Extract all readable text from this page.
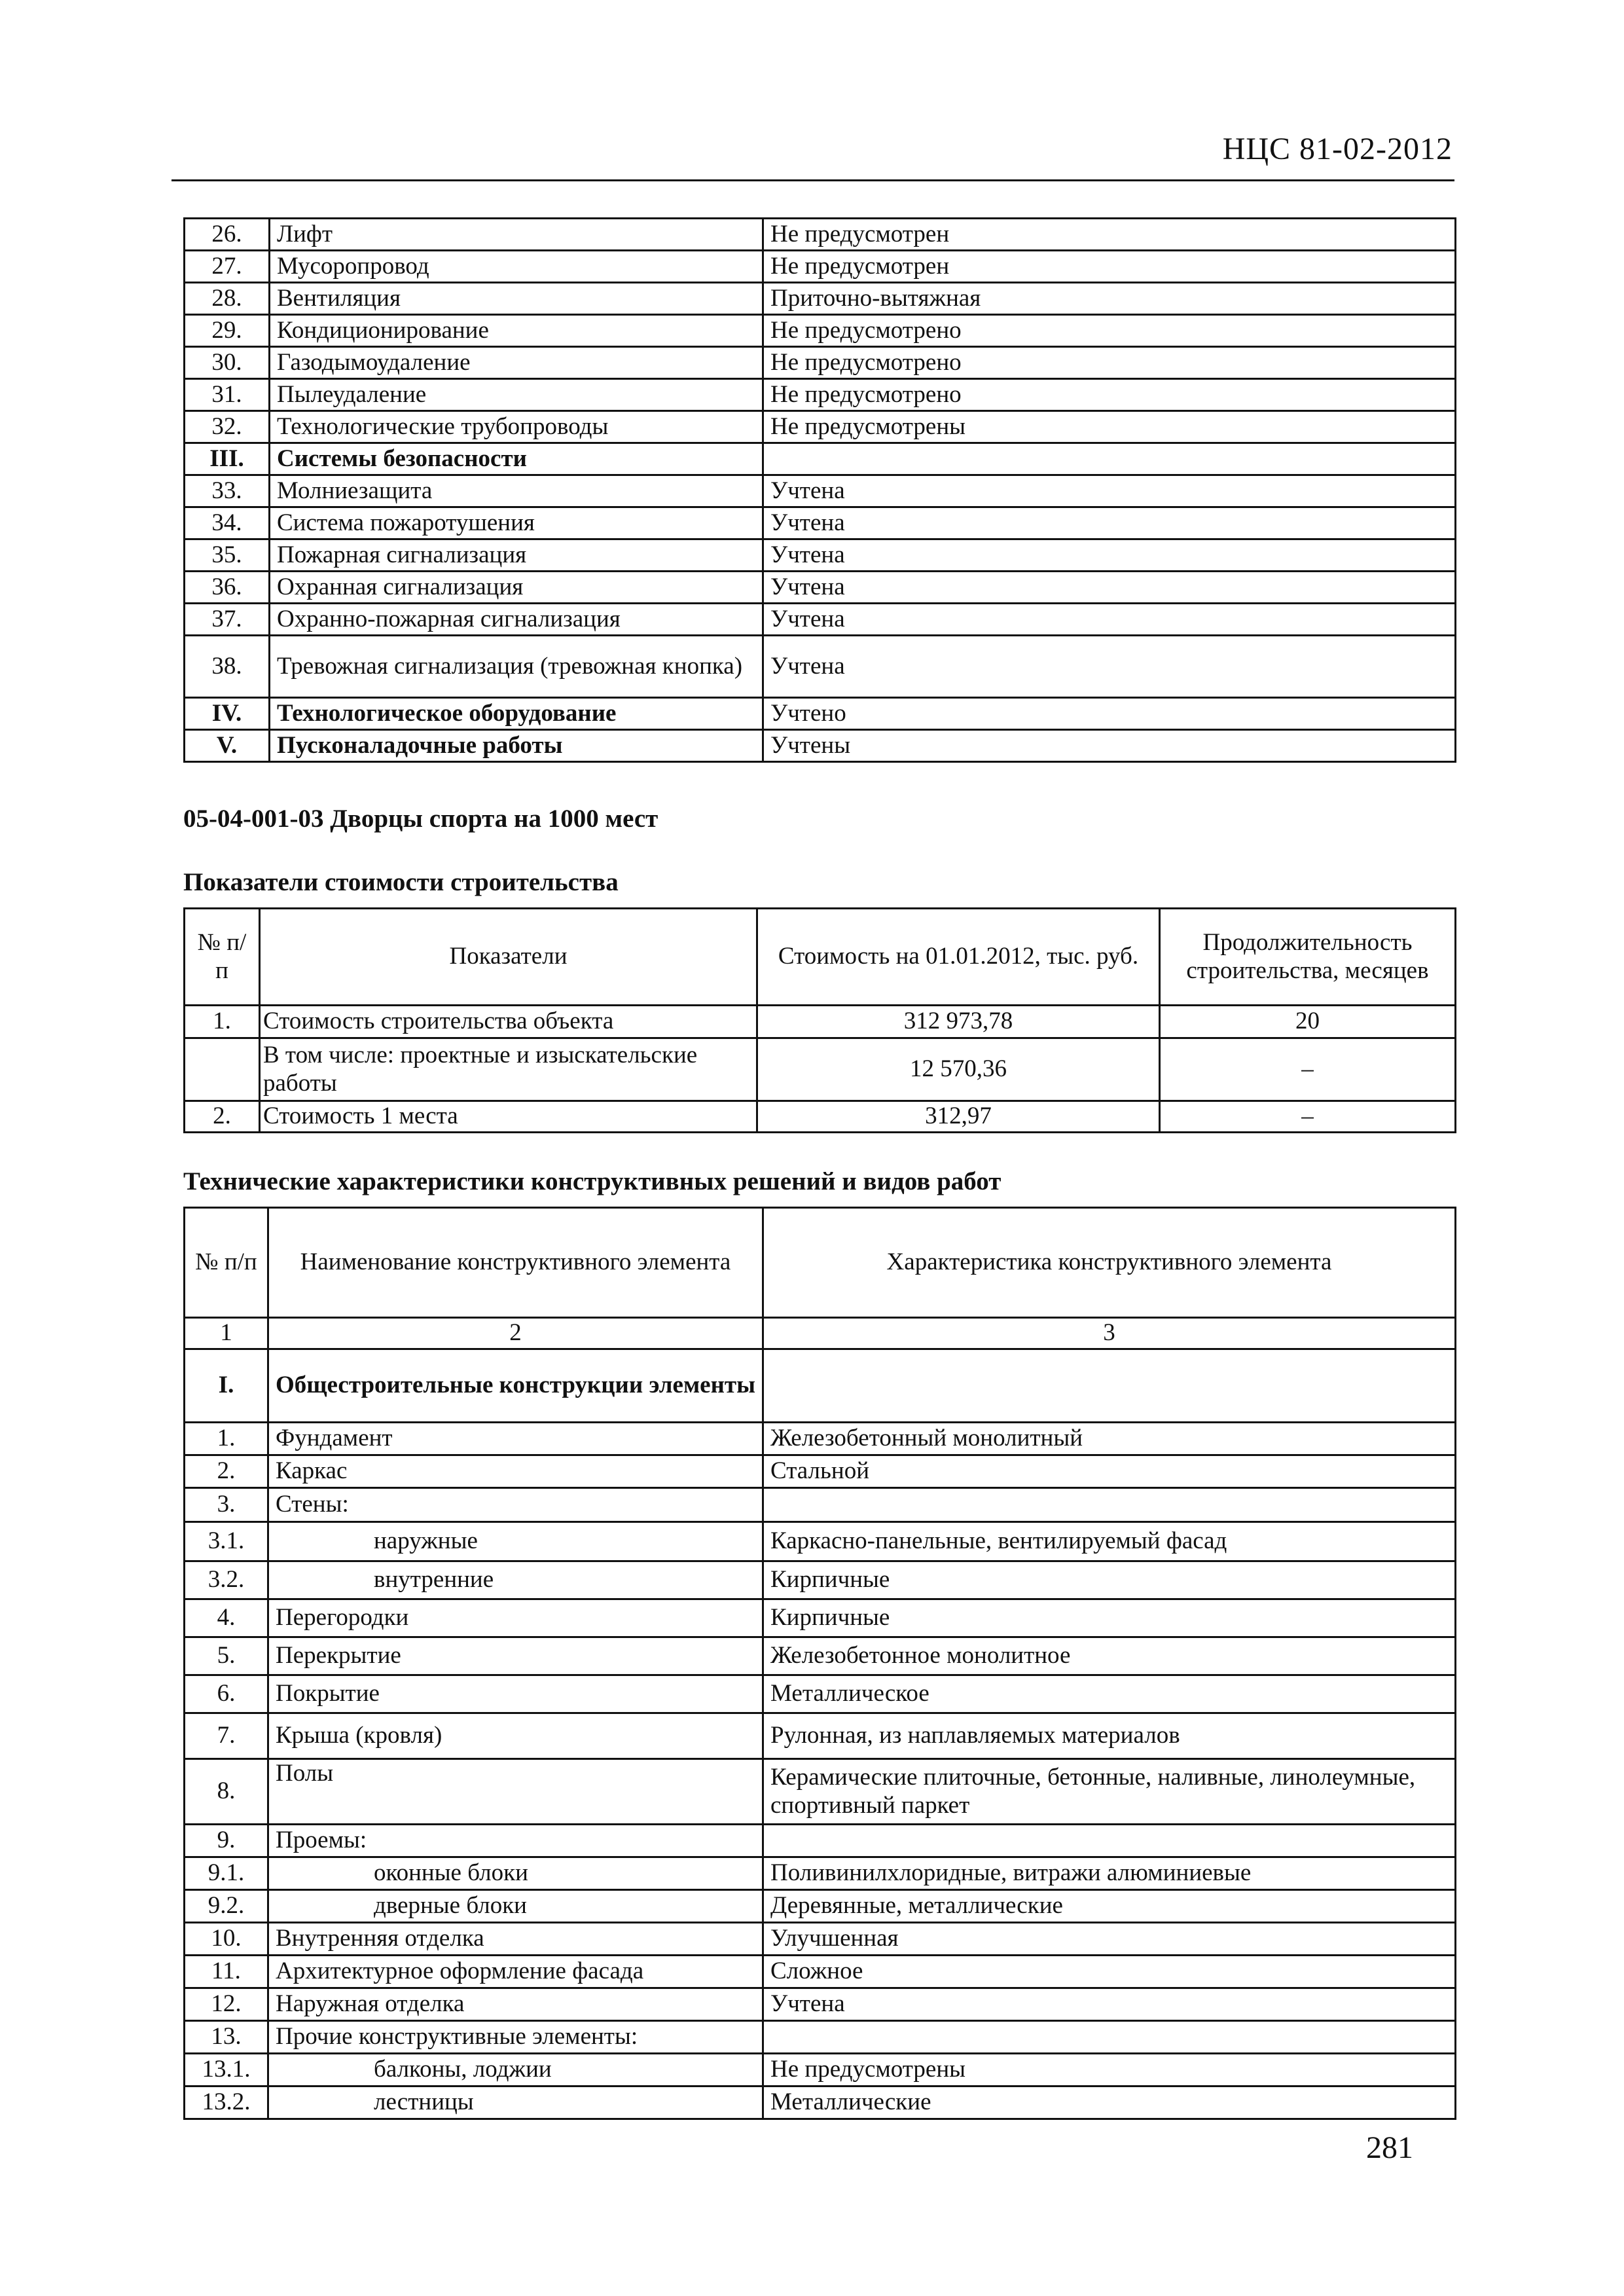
НЦС 81-02-2012
26.	Лифт	Не предусмотрен
27.	Мусоропровод	Не предусмотрен
28.	Вентиляция	Приточно-вытяжная
29.	Кондиционирование	Не предусмотрено
30.	Газодымоудаление	Не предусмотрено
31.	Пылеудаление	Не предусмотрено
32.	Технологические трубопроводы	Не предусмотрены
III.	Системы безопасности	
33.	Молниезащита	Учтена
34.	Система пожаротушения	Учтена
35.	Пожарная сигнализация	Учтена
36.	Охранная сигнализация	Учтена
37.	Охранно-пожарная сигнализация	Учтена
38.	Тревожная сигнализация (тревожная кнопка)	Учтена
IV.	Технологическое оборудование	Учтено
V.	Пусконаладочные работы	Учтены
05-04-001-03 Дворцы спорта на 1000 мест
Показатели стоимости строительства
№ п/п	Показатели	Стоимость на 01.01.2012, тыс. руб.	Продолжительность строительства, месяцев
1.	Стоимость строительства объекта	312 973,78	20
	В том числе: проектные и изыскательские работы	12 570,36	–
2.	Стоимость 1 места	312,97	–
Технические характеристики конструктивных решений и видов работ
№ п/п	Наименование конструктивного элемента	Характеристика конструктивного элемента
1	2	3
I.	Общестроительные конструкции элементы	
1.	Фундамент	Железобетонный монолитный
2.	Каркас	Стальной
3.	Стены:	
3.1.	наружные	Каркасно-панельные, вентилируемый фасад
3.2.	внутренние	Кирпичные
4.	Перегородки	Кирпичные
5.	Перекрытие	Железобетонное монолитное
6.	Покрытие	Металлическое
7.	Крыша (кровля)	Рулонная, из наплавляемых материалов
8.	Полы	Керамические плиточные, бетонные, наливные, линолеумные, спортивный паркет
9.	Проемы:	
9.1.	оконные блоки	Поливинилхлоридные, витражи алюминиевые
9.2.	дверные блоки	Деревянные, металлические
10.	Внутренняя отделка	Улучшенная
11.	Архитектурное оформление фасада	Сложное
12.	Наружная отделка	Учтена
13.	Прочие конструктивные элементы:	
13.1.	балконы, лоджии	Не предусмотрены
13.2.	лестницы	Металлические
281
